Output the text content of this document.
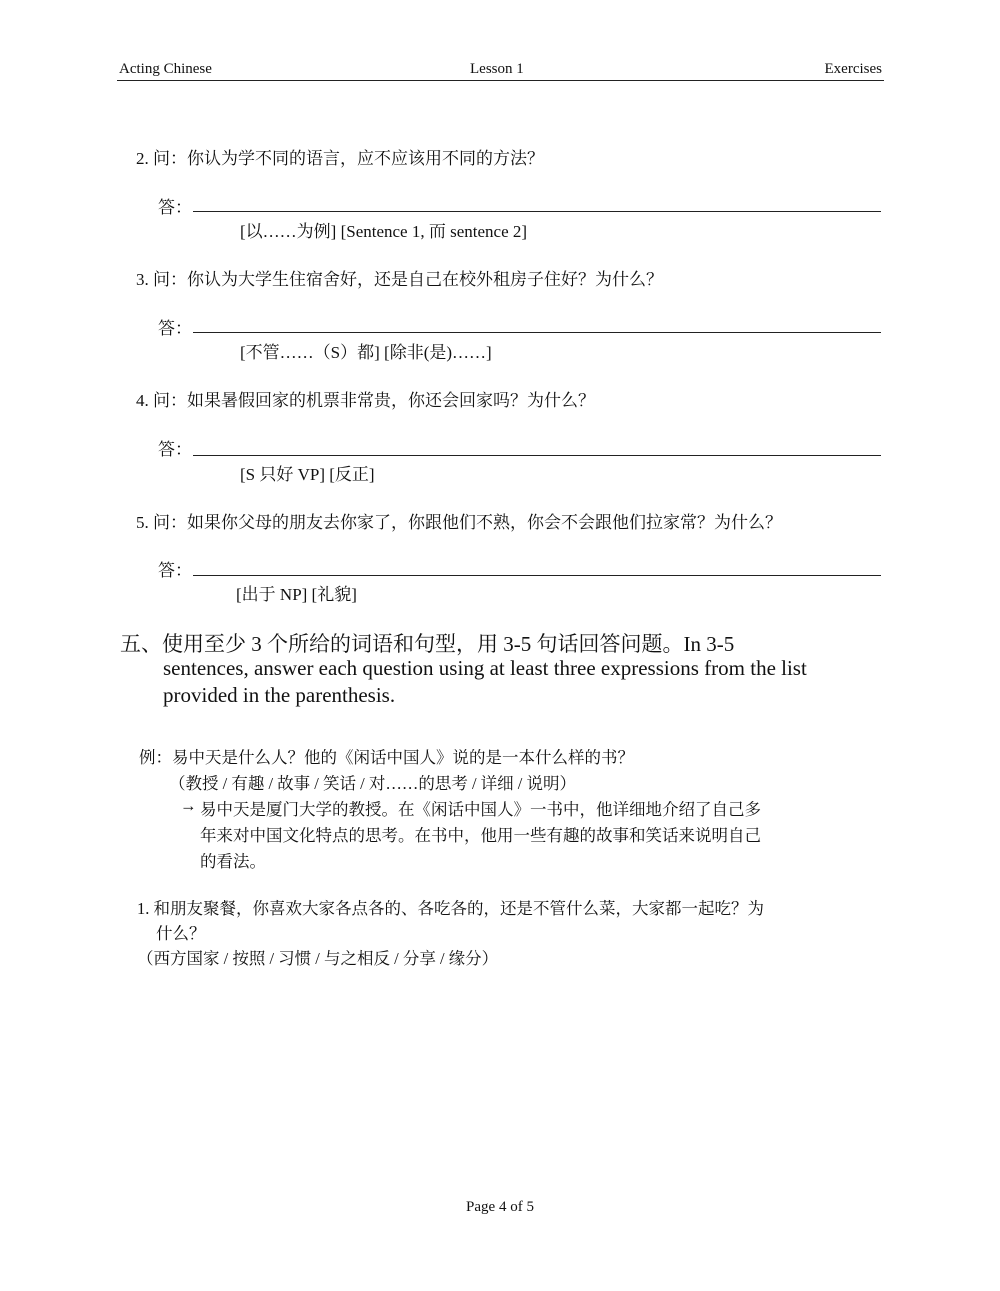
Acting Chinese	Lesson 1	Exercises
2. 问：你认为学不同的语言，应不应该用不同的方法？
答：
[以……为例] [Sentence 1, 而 sentence 2]
3. 问：你认为大学生住宿舍好，还是自己在校外租房子住好？为什么？
答：
[不管……（S）都] [除非(是)……]
4. 问：如果暑假回家的机票非常贵，你还会回家吗？为什么？
答：
[S 只好 VP] [反正]
5. 问：如果你父母的朋友去你家了，你跟他们不熟，你会不会跟他们拉家常？为什么？
答：
[出于 NP] [礼貌]
五、使用至少 3 个所给的词语和句型，用 3-5 句话回答问题。In 3-5
sentences, answer each question using at least three expressions from the list
provided in the parenthesis.
例：易中天是什么人？他的《闲话中国人》说的是一本什么样的书？
（教授 / 有趣 / 故事 / 笑话 / 对……的思考 / 详细 / 说明）
→ 易中天是厦门大学的教授。在《闲话中国人》一书中，他详细地介绍了自己多
年来对中国文化特点的思考。在书中，他用一些有趣的故事和笑话来说明自己
的看法。
1. 和朋友聚餐，你喜欢大家各点各的、各吃各的，还是不管什么菜，大家都一起吃？为
什么？
（西方国家 / 按照 / 习惯 / 与之相反 / 分享 / 缘分）
Page 4 of 5
